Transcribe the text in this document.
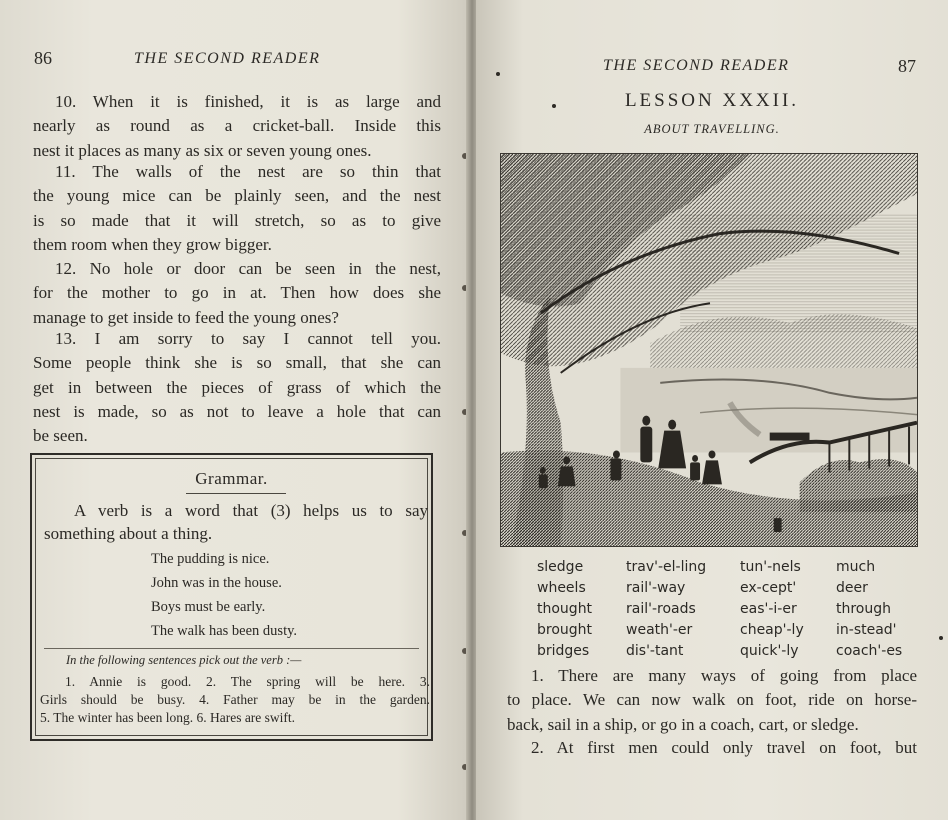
86	THE SECOND READER
10. When it is finished, it is as large and
nearly as round as a cricket-ball. Inside this
nest it places as many as six or seven young ones.
11. The walls of the nest are so thin that
the young mice can be plainly seen, and the nest
is so made that it will stretch, so as to give
them room when they grow bigger.
12. No hole or door can be seen in the nest,
for the mother to go in at. Then how does she
manage to get inside to feed the young ones?
13. I am sorry to say I cannot tell you.
Some people think she is so small, that she can
get in between the pieces of grass of which the
nest is made, so as not to leave a hole that can
be seen.
Grammar.
A verb is a word that (3) helps us to say
something about a thing.
The pudding is nice.
John was in the house.
Boys must be early.
The walk has been dusty.
In the following sentences pick out the verb :—
1. Annie is good. 2. The spring will be here. 3.
Girls should be busy. 4. Father may be in the garden.
5. The winter has been long. 6. Hares are swift.
THE SECOND READER	87
LESSON XXXII.
ABOUT TRAVELLING.
sledge
wheels
thought
brought
bridges
trav'-el-ling
rail'-way
rail'-roads
weath'-er
dis'-tant
tun'-nels
ex-cept'
eas'-i-er
cheap'-ly
quick'-ly
much
deer
through
in-stead'
coach'-es
1. There are many ways of going from place
to place. We can now walk on foot, ride on horse-
back, sail in a ship, or go in a coach, cart, or sledge.
2. At first men could only travel on foot, but
